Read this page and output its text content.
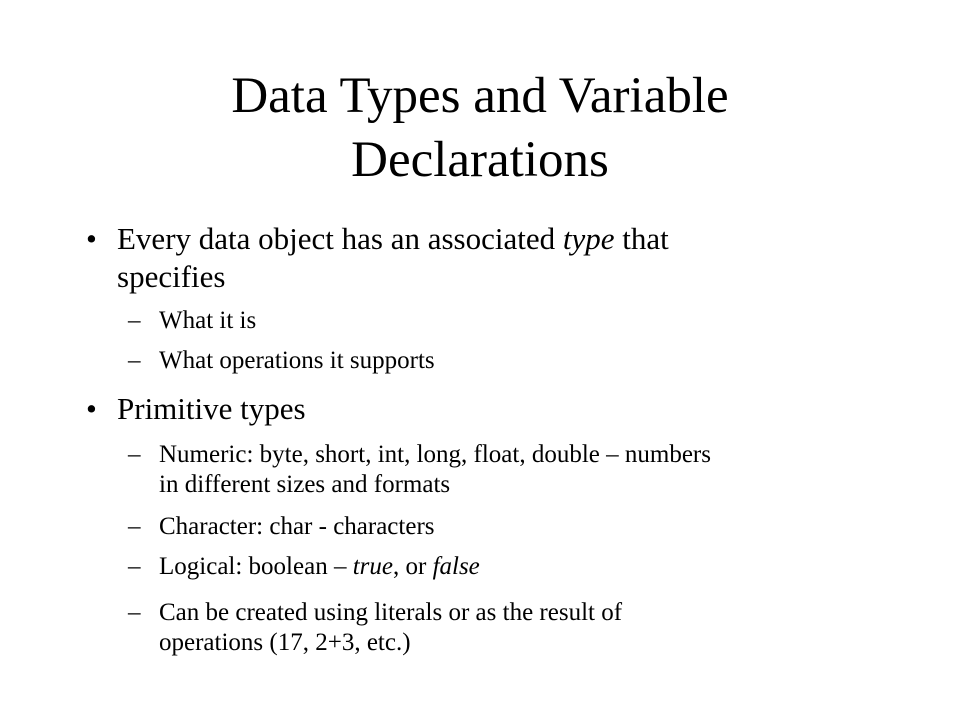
Data Types and Variable
Declarations
• Every data object has an associated type that
specifies
– What it is
– What operations it supports
• Primitive types
– Numeric: byte, short, int, long, float, double – numbers
in different sizes and formats
– Character: char - characters
– Logical: boolean – true, or false
– Can be created using literals or as the result of
operations (17, 2+3, etc.)
